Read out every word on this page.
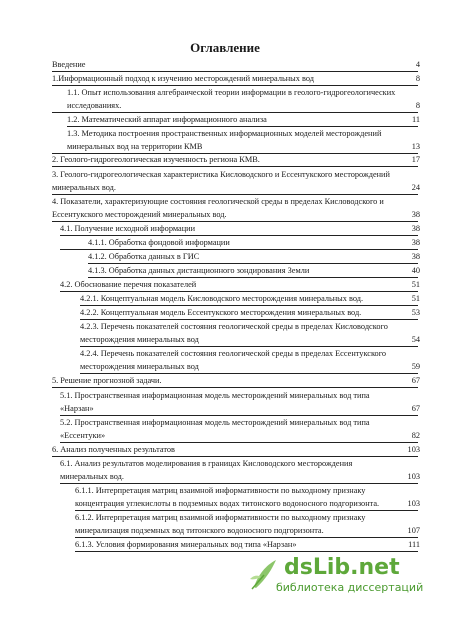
Оглавление
Введение	4
1.Информационный подход к изучению месторождений минеральных вод	8
1.1. Опыт использования алгебраической теории информации в геолого-гидрогеологических
исследованиях.	8
1.2. Математический аппарат информационного анализа	11
1.3. Методика построения пространственных информационных моделей месторождений
минеральных вод на территории КМВ	13
2. Геолого-гидрогеологическая изученность региона КМВ.	17
3. Геолого-гидрогеологическая характеристика Кисловодского и Ессентукского месторождений
минеральных вод.	24
4. Показатели, характеризующие состояния геологической среды в пределах Кисловодского и
Ессентукского месторождений минеральных вод.	38
4.1. Получение исходной информации	38
4.1.1. Обработка фондовой информации	38
4.1.2. Обработка данных в ГИС	38
4.1.3. Обработка данных дистанционного зондирования Земли	40
4.2. Обоснование перечня показателей	51
4.2.1. Концептуальная модель Кисловодского месторождения минеральных вод.	51
4.2.2. Концептуальная модель Ессентукского месторождения минеральных вод.	53
4.2.3. Перечень показателей состояния геологической среды в пределах Кисловодского
месторождения минеральных вод	54
4.2.4. Перечень показателей состояния геологической среды в пределах Ессентукского
месторождения минеральных вод	59
5. Решение прогнозной задачи.	67
5.1. Пространственная информационная модель месторождений минеральных вод типа
«Нарзан»	67
5.2. Пространственная информационная модель месторождений минеральных вод типа
«Ессентуки»	82
6. Анализ полученных результатов	103
6.1. Анализ результатов моделирования в границах Кисловодского месторождения
минеральных вод.	103
6.1.1. Интерпретация матриц взаимной информативности по выходному признаку
концентрация углекислоты в подземных водах титонского водоносного подгоризонта.	103
6.1.2. Интерпретация матриц взаимной информативности по выходному признаку
минерализация подземных вод титонского водоносного подгоризонта.	107
6.1.3. Условия формирования минеральных вод типа «Нарзан»	111
dsLib.net
библиотека диссертаций
